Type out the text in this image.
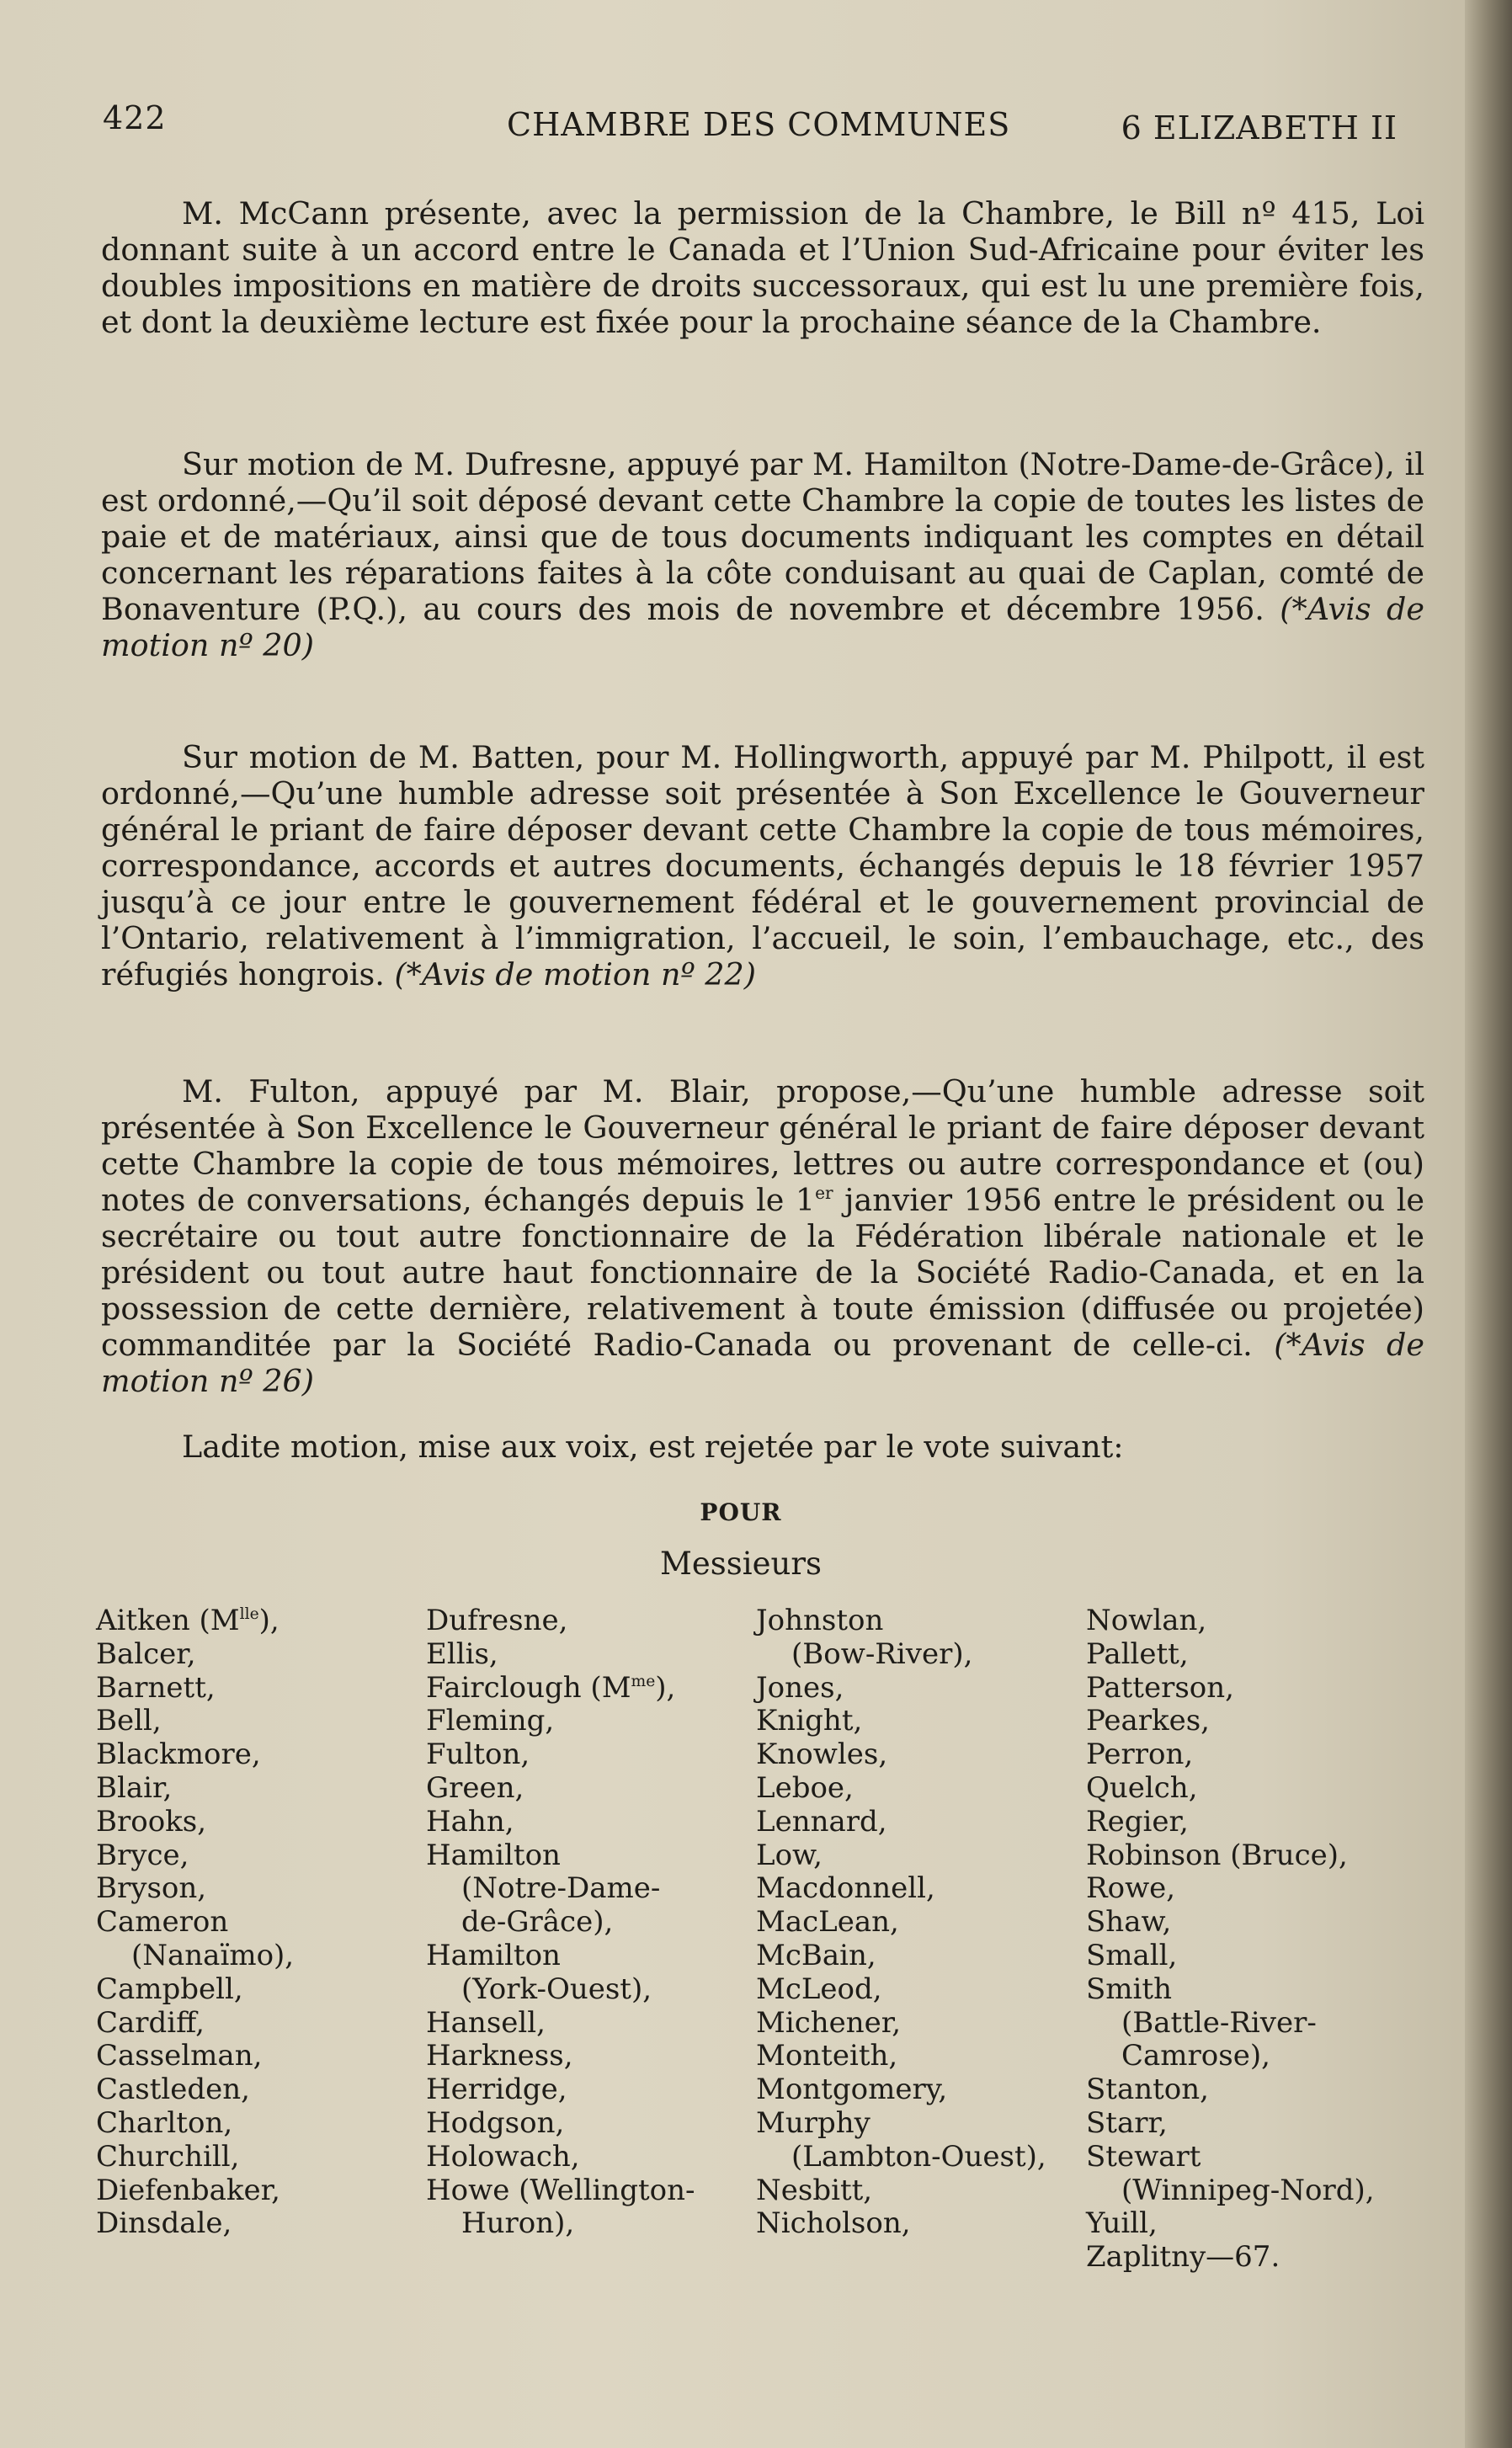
422	CHAMBRE DES COMMUNES	6 ELIZABETH II

M. McCann présente, avec la permission de la Chambre, le Bill nº 415, Loi donnant suite à un accord entre le Canada et l’Union Sud-Africaine pour éviter les doubles impositions en matière de droits successoraux, qui est lu une première fois, et dont la deuxième lecture est fixée pour la prochaine séance de la Chambre.

Sur motion de M. Dufresne, appuyé par M. Hamilton (Notre-Dame-de-Grâce), il est ordonné,—Qu’il soit déposé devant cette Chambre la copie de toutes les listes de paie et de matériaux, ainsi que de tous documents indiquant les comptes en détail concernant les réparations faites à la côte conduisant au quai de Caplan, comté de Bonaventure (P.Q.), au cours des mois de novembre et décembre 1956. (*Avis de motion nº 20)

Sur motion de M. Batten, pour M. Hollingworth, appuyé par M. Philpott, il est ordonné,—Qu’une humble adresse soit présentée à Son Excellence le Gouverneur général le priant de faire déposer devant cette Chambre la copie de tous mémoires, correspondance, accords et autres documents, échangés depuis le 18 février 1957 jusqu’à ce jour entre le gouvernement fédéral et le gouvernement provincial de l’Ontario, relativement à l’immigration, l’accueil, le soin, l’embauchage, etc., des réfugiés hongrois. (*Avis de motion nº 22)

M. Fulton, appuyé par M. Blair, propose,—Qu’une humble adresse soit présentée à Son Excellence le Gouverneur général le priant de faire déposer devant cette Chambre la copie de tous mémoires, lettres ou autre correspondance et (ou) notes de conversations, échangés depuis le 1er janvier 1956 entre le président ou le secrétaire ou tout autre fonctionnaire de la Fédération libérale nationale et le président ou tout autre haut fonctionnaire de la Société Radio-Canada, et en la possession de cette dernière, relativement à toute émission (diffusée ou projetée) commanditée par la Société Radio-Canada ou provenant de celle-ci. (*Avis de motion nº 26)

Ladite motion, mise aux voix, est rejetée par le vote suivant:

POUR
Messieurs
Aitken $(M^{lle})$,
Balcer,
Barnett,
Bell,
Blackmore,
Blair,
Brooks,
Bryce,
Bryson,
Cameron
(Nanaïmo),
Campbell,
Cardiff,
Casselman,
Castleden,
Charlton,
Churchill,
Diefenbaker,
Dinsdale,
Dufresne,
Ellis,
Fairclough $(M^{me})$,
Fleming,
Fulton,
Green,
Hahn,
Hamilton
(Notre-Dame-
de-Grâce),
Hamilton
(York-Ouest),
Hansell,
Harkness,
Herridge,
Hodgson,
Holowach,
Howe (Wellington-
Huron),
Johnston
(Bow-River),
Jones,
Knight,
Knowles,
Leboe,
Lennard,
Low,
Macdonnell,
MacLean,
McBain,
McLeod,
Michener,
Monteith,
Montgomery,
Murphy
(Lambton-Ouest),
Nesbitt,
Nicholson,
Nowlan,
Pallett,
Patterson,
Pearkes,
Perron,
Quelch,
Regier,
Robinson (Bruce),
Rowe,
Shaw,
Small,
Smith
(Battle-River-
Camrose),
Stanton,
Starr,
Stewart
(Winnipeg-Nord),
Yuill,
Zaplitny—67.
